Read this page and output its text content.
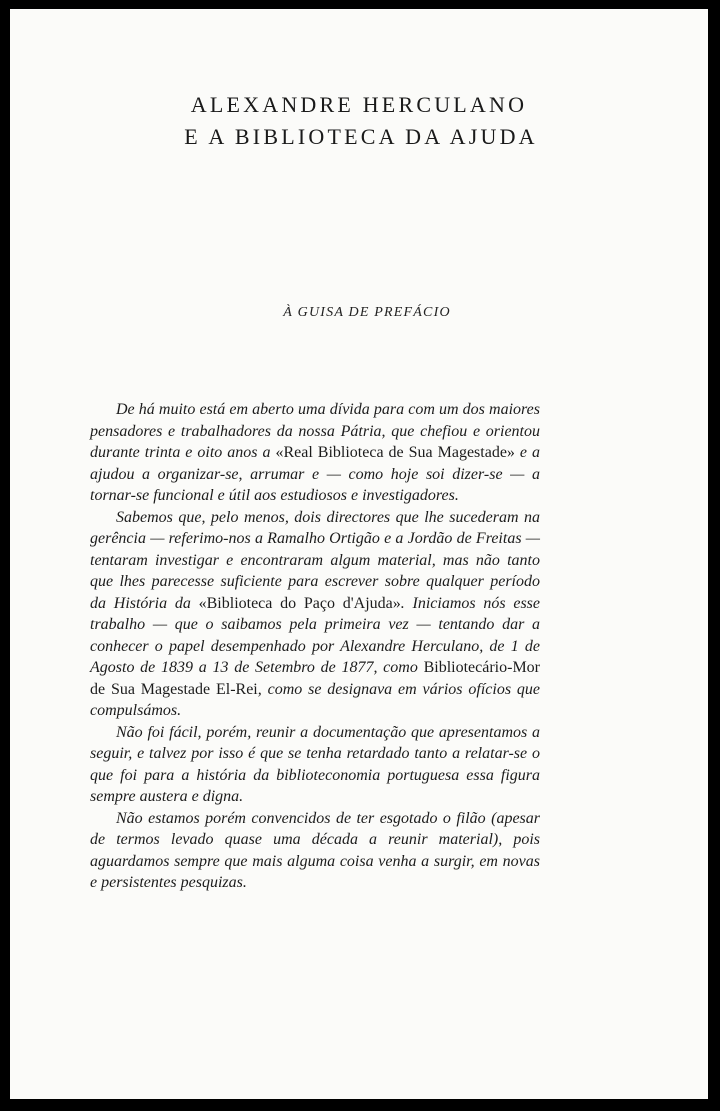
ALEXANDRE HERCULANO
E A BIBLIOTECA DA AJUDA
À GUISA DE PREFÁCIO

De há muito está em aberto uma dívida para com um dos maiores pensadores e trabalhadores da nossa Pátria, que chefiou e orientou durante trinta e oito anos a «Real Biblioteca de Sua Magestade» e a ajudou a organizar-se, arrumar e — como hoje soi dizer-se — a tornar-se funcional e útil aos estudiosos e investigadores.

Sabemos que, pelo menos, dois directores que lhe sucederam na gerência — referimo-nos a Ramalho Ortigão e a Jordão de Freitas — tentaram investigar e encontraram algum material, mas não tanto que lhes parecesse suficiente para escrever sobre qualquer período da História da «Biblioteca do Paço d'Ajuda». Iniciamos nós esse trabalho — que o saibamos pela primeira vez — tentando dar a conhecer o papel desempenhado por Alexandre Herculano, de 1 de Agosto de 1839 a 13 de Setembro de 1877, como Bibliotecário-Mor de Sua Magestade El-Rei, como se designava em vários ofícios que compulsámos.

Não foi fácil, porém, reunir a documentação que apresentamos a seguir, e talvez por isso é que se tenha retardado tanto a relatar-se o que foi para a história da biblioteconomia portuguesa essa figura sempre austera e digna.

Não estamos porém convencidos de ter esgotado o filão (apesar de termos levado quase uma década a reunir material), pois aguardamos sempre que mais alguma coisa venha a surgir, em novas e persistentes pesquizas.
